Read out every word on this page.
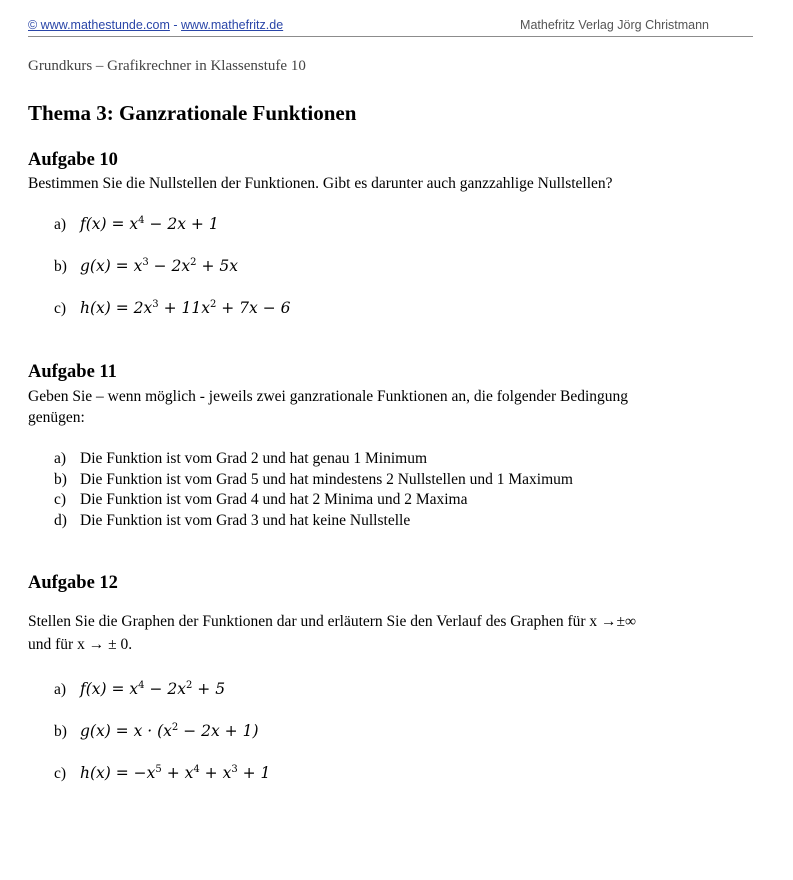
© www.mathestunde.com - www.mathefritz.de	Mathefritz Verlag Jörg Christmann
Grundkurs – Grafikrechner in Klassenstufe 10
Thema 3: Ganzrationale Funktionen
Aufgabe 10
Bestimmen Sie die Nullstellen der Funktionen. Gibt es darunter auch ganzzahlige Nullstellen?
a) $f(x) = x^4 - 2x + 1$
b) $g(x) = x^3 - 2x^2 + 5x$
c) $h(x) = 2x^3 + 11x^2 + 7x - 6$
Aufgabe 11
Geben Sie – wenn möglich - jeweils zwei ganzrationale Funktionen an, die folgender Bedingung
genügen:
a) Die Funktion ist vom Grad 2 und hat genau 1 Minimum
b) Die Funktion ist vom Grad 5 und hat mindestens 2 Nullstellen und 1 Maximum
c) Die Funktion ist vom Grad 4 und hat 2 Minima und 2 Maxima
d) Die Funktion ist vom Grad 3 und hat keine Nullstelle
Aufgabe 12
Stellen Sie die Graphen der Funktionen dar und erläutern Sie den Verlauf des Graphen für x →±∞
und für x → ± 0.
a) $f(x) = x^4 - 2x^2 + 5$
b) $g(x) = x \cdot (x^2 - 2x + 1)$
c) $h(x) = -x^5 + x^4 + x^3 + 1$
